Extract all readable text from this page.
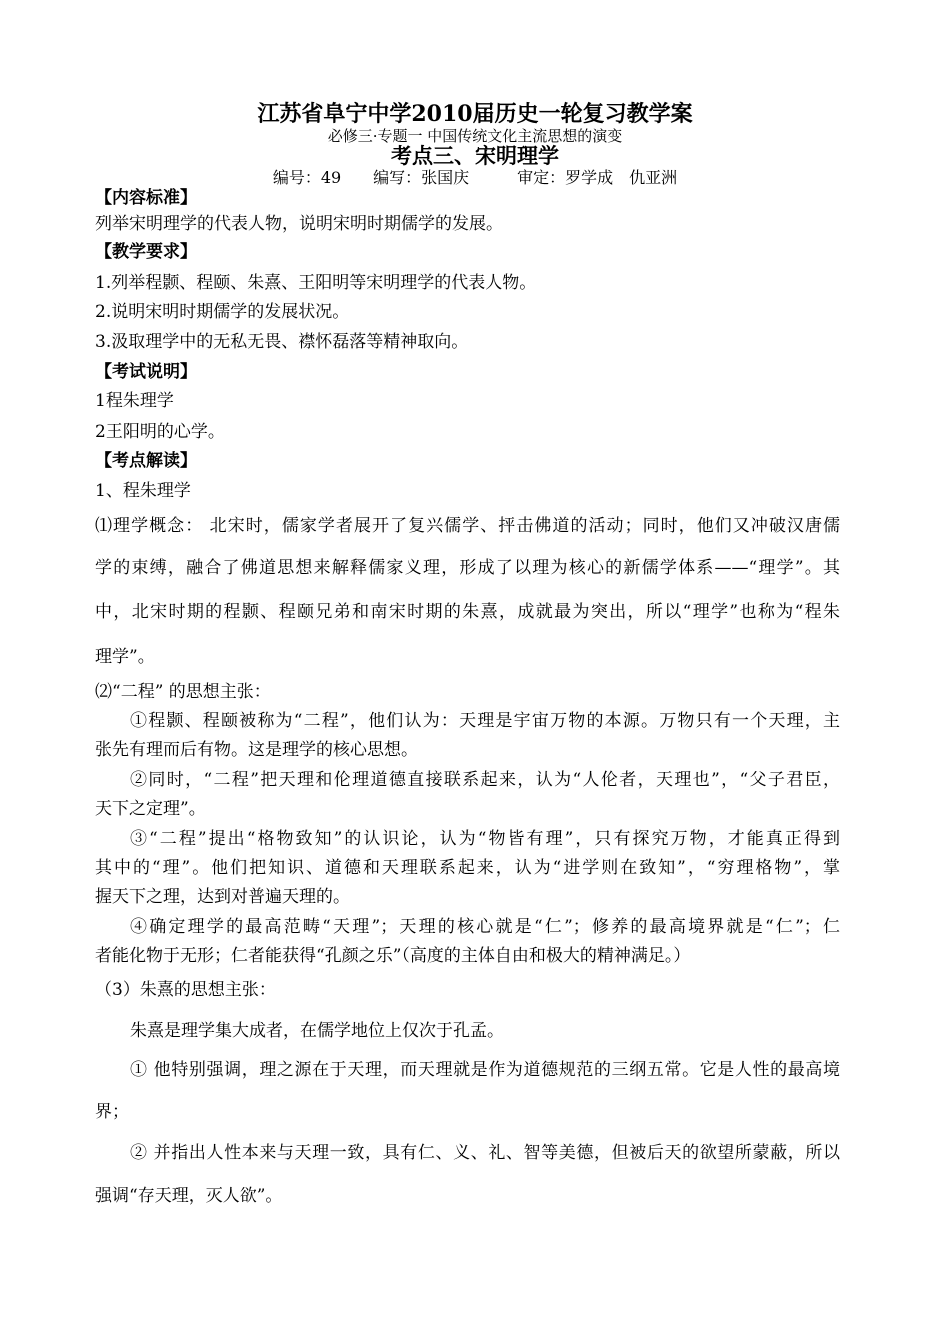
江苏省阜宁中学2010届历史一轮复习教学案
必修三·专题一 中国传统文化主流思想的演变
考点三、宋明理学
编号：49　　编写：张国庆　　　审定：罗学成　仇亚洲
【内容标准】
列举宋明理学的代表人物，说明宋明时期儒学的发展。
【教学要求】
1.列举程颢、程颐、朱熹、王阳明等宋明理学的代表人物。
2.说明宋明时期儒学的发展状况。
3.汲取理学中的无私无畏、襟怀磊落等精神取向。
【考试说明】
1程朱理学
2王阳明的心学。
【考点解读】
1、程朱理学
⑴理学概念： 北宋时，儒家学者展开了复兴儒学、抨击佛道的活动；同时，他们又冲破汉唐儒
学的束缚，融合了佛道思想来解释儒家义理，形成了以理为核心的新儒学体系——“理学”。其
中，北宋时期的程颢、程颐兄弟和南宋时期的朱熹，成就最为突出，所以“理学”也称为“程朱
理学”。
⑵“二程” 的思想主张：
①程颢、程颐被称为“二程”，他们认为：天理是宇宙万物的本源。万物只有一个天理，主
张先有理而后有物。这是理学的核心思想。
②同时，“二程”把天理和伦理道德直接联系起来，认为“人伦者，天理也”，“父子君臣，
天下之定理”。
③“二程”提出“格物致知”的认识论，认为“物皆有理”，只有探究万物，才能真正得到
其中的“理”。他们把知识、道德和天理联系起来，认为“进学则在致知”，“穷理格物”，掌
握天下之理，达到对普遍天理的。
④确定理学的最高范畴“天理”；天理的核心就是“仁”；修养的最高境界就是“仁”；仁
者能化物于无形；仁者能获得“孔颜之乐”（高度的主体自由和极大的精神满足。）
（3）朱熹的思想主张：
朱熹是理学集大成者，在儒学地位上仅次于孔孟。
① 他特别强调，理之源在于天理，而天理就是作为道德规范的三纲五常。它是人性的最高境
界；
② 并指出人性本来与天理一致，具有仁、义、礼、智等美德，但被后天的欲望所蒙蔽，所以
强调“存天理，灭人欲”。
